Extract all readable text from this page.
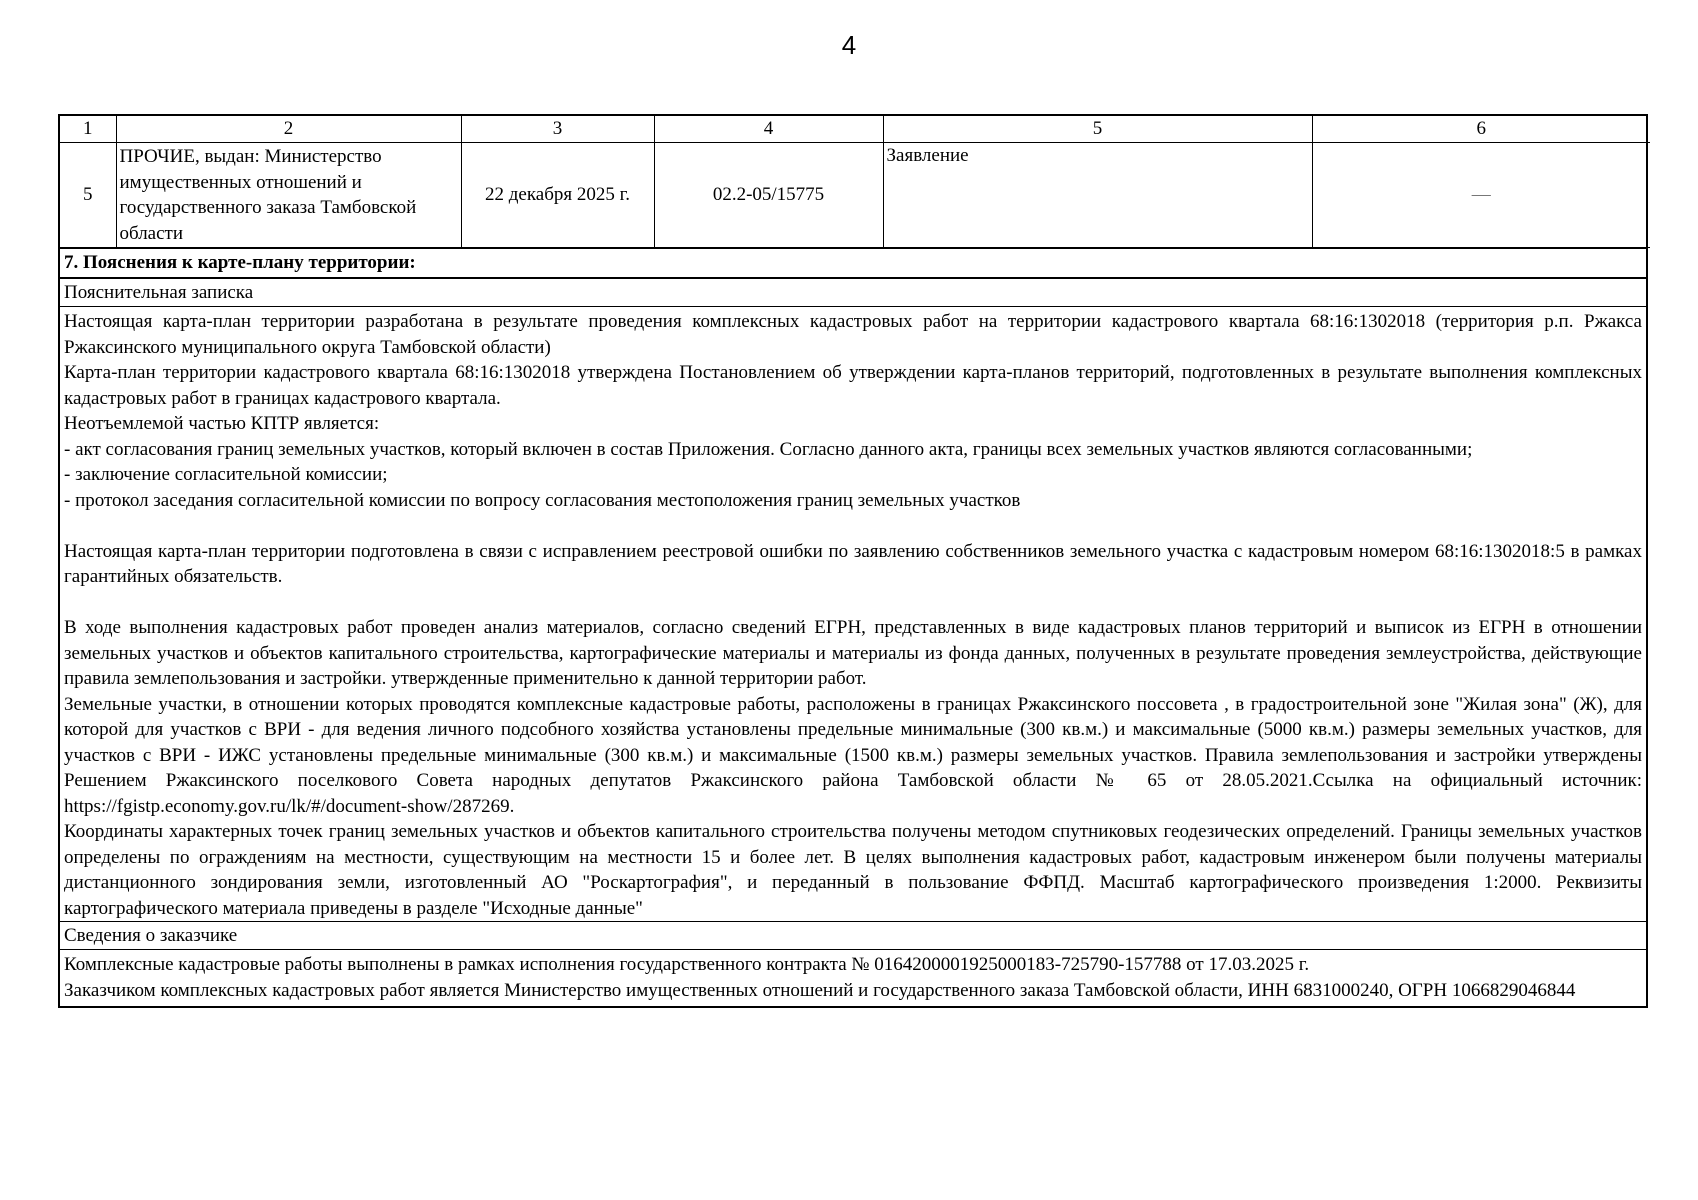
4
1	2	3	4	5	6
5	ПРОЧИЕ, выдан: Министерство имущественных отношений и государственного заказа Тамбовской области	22 декабря 2025 г.	02.2-05/15775	Заявление	—
7. Пояснения к карте-плану территории:
Пояснительная записка

Настоящая карта-план территории разработана в результате проведения комплексных кадастровых работ на территории кадастрового квартала 68:16:1302018 (территория р.п. Ржакса Ржаксинского муниципального округа Тамбовской области)

Карта-план территории кадастрового квартала 68:16:1302018 утверждена Постановлением об утверждении карта-планов территорий, подготовленных в результате выполнения комплексных кадастровых работ в границах кадастрового квартала.

Неотъемлемой частью КПТР является:

- акт согласования границ земельных участков, который включен в состав Приложения. Согласно данного акта, границы всех земельных участков являются согласованными;

- заключение согласительной комиссии;

- протокол заседания согласительной комиссии по вопросу согласования местоположения границ земельных участков

Настоящая карта-план территории подготовлена в связи с исправлением реестровой ошибки по заявлению собственников земельного участка с кадастровым номером 68:16:1302018:5 в рамках гарантийных обязательств.

В ходе выполнения кадастровых работ проведен анализ материалов, согласно сведений ЕГРН, представленных в виде кадастровых планов территорий и выписок из ЕГРН в отношении земельных участков и объектов капитального строительства, картографические материалы и материалы из фонда данных, полученных в результате проведения землеустройства, действующие правила землепользования и застройки. утвержденные применительно к данной территории работ.

Земельные участки, в отношении которых проводятся комплексные кадастровые работы, расположены в границах Ржаксинского поссовета , в градостроительной зоне "Жилая зона" (Ж), для которой для участков с ВРИ - для ведения личного подсобного хозяйства установлены предельные минимальные (300 кв.м.) и максимальные (5000 кв.м.) размеры земельных участков, для участков с ВРИ - ИЖС установлены предельные минимальные (300 кв.м.) и максимальные (1500 кв.м.) размеры земельных участков. Правила землепользования и застройки утверждены Решением Ржаксинского поселкового Совета народных депутатов Ржаксинского района Тамбовской области № 65 от 28.05.2021.Ссылка на официальный источник: https://fgistp.economy.gov.ru/lk/#/document-show/287269.

Координаты характерных точек границ земельных участков и объектов капитального строительства получены методом спутниковых геодезических определений. Границы земельных участков определены по ограждениям на местности, существующим на местности 15 и более лет. В целях выполнения кадастровых работ, кадастровым инженером были получены материалы дистанционного зондирования земли, изготовленный АО "Роскартография", и переданный в пользование ФФПД. Масштаб картографического произведения 1:2000. Реквизиты картографического материала приведены в разделе "Исходные данные"

Сведения о заказчике

Комплексные кадастровые работы выполнены в рамках исполнения государственного контракта № 0164200001925000183-725790-157788 от 17.03.2025 г.

Заказчиком комплексных кадастровых работ является Министерство имущественных отношений и государственного заказа Тамбовской области, ИНН 6831000240, ОГРН 1066829046844
